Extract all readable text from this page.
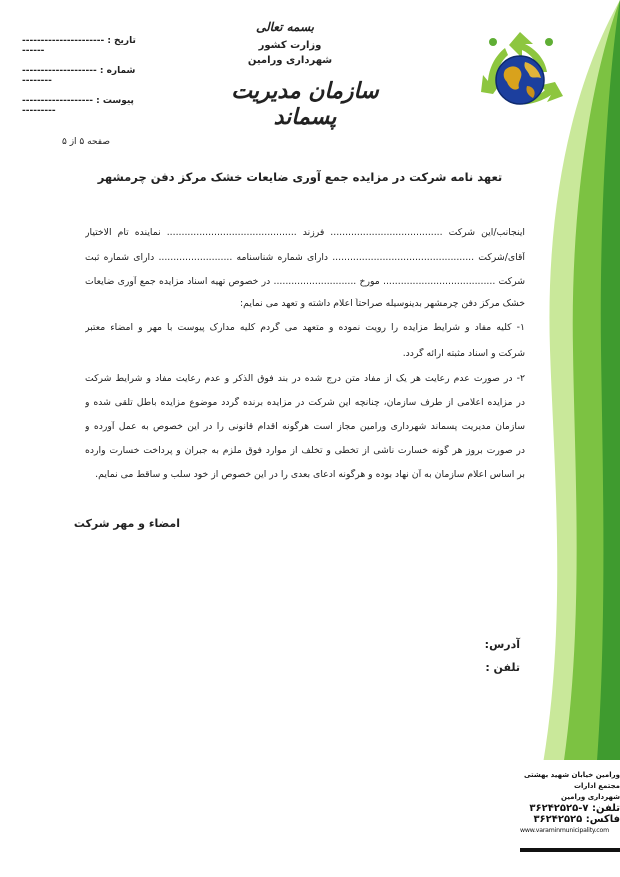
تاریخ : ----------------------------
شماره : ----------------------------
پیوست : ----------------------------
بسمه تعالی
وزارت کشور
شهرداری ورامین
سازمان مدیریت پسماند
صفحه ۵ از ۵
تعهد نامه شرکت در مزایده جمع آوری ضایعات خشک مرکز دفن چرمشهر
اینجانب/این شرکت ...................................... فرزند ............................................ نماینده تام الاختیار
آقای/شرکت ................................................ دارای شماره شناسنامه ......................... دارای شماره ثبت
شرکت ...................................... مورخ ............................ در خصوص تهیه اسناد مزایده جمع آوری ضایعات
خشک مرکز دفن چرمشهر بدینوسیله صراحتاً اعلام داشته و تعهد می نمایم:
۱- کلیه مفاد و شرایط مزایده را رویت نموده و متعهد می گردم کلیه مدارک پیوست با مهر و امضاء معتبر
شرکت و اسناد مثبته ارائه گردد.
۲- در صورت عدم رعایت هر یک از مفاد متن درج شده در بند فوق الذکر و عدم رعایت مفاد و شرایط شرکت
در مزایده اعلامی از طرف سازمان، چنانچه این شرکت در مزایده برنده گردد موضوع مزایده باطل تلقی شده و
سازمان مدیریت پسماند شهرداری ورامین مجاز است هرگونه اقدام قانونی را در این خصوص به عمل آورده و
در صورت بروز هر گونه خسارت ناشی از تخطی و تخلف از موارد فوق ملزم به جبران و پرداخت خسارت وارده
بر اساس اعلام سازمان به آن نهاد بوده و هرگونه ادعای بعدی را در این خصوص از خود سلب و ساقط می نمایم.
امضاء و مهر شرکت
آدرس:
تلفن :
ورامین خیابان شهید بهشتی
مجتمع ادارات
شهرداری ورامین
تلفن: ۷-۳۶۲۴۲۵۲۵
فاکس: ۳۶۲۴۲۵۲۵
www.varaminmunicipality.com
